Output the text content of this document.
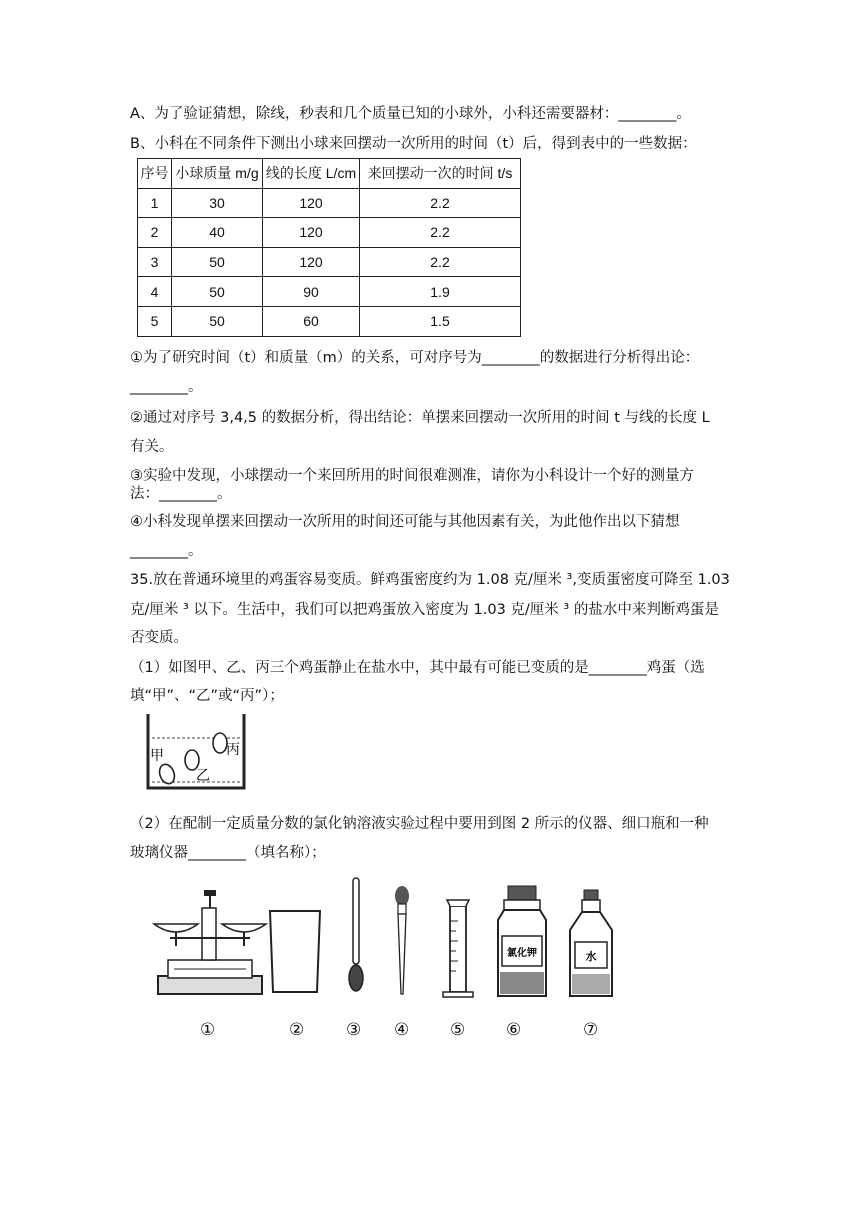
A、为了验证猜想，除线，秒表和几个质量已知的小球外，小科还需要器材：________。
B、小科在不同条件下测出小球来回摆动一次所用的时间（t）后，得到表中的一些数据：
序号	小球质量 m/g	线的长度 L/cm	来回摆动一次的时间 t/s
1	30	120	2.2
2	40	120	2.2
3	50	120	2.2
4	50	90	1.9
5	50	60	1.5
①为了研究时间（t）和质量（m）的关系，可对序号为________的数据进行分析得出论：
________。
②通过对序号 3,4,5 的数据分析，得出结论：单摆来回摆动一次所用的时间 t 与线的长度 L
有关。
③实验中发现，小球摆动一个来回所用的时间很难测准，请你为小科设计一个好的测量方
法：________。
④小科发现单摆来回摆动一次所用的时间还可能与其他因素有关，为此他作出以下猜想
________。
35.放在普通环境里的鸡蛋容易变质。鲜鸡蛋密度约为 1.08 克/厘米 ³,变质蛋密度可降至 1.03
克/厘米 ³ 以下。生活中，我们可以把鸡蛋放入密度为 1.03 克/厘米 ³ 的盐水中来判断鸡蛋是
否变质。
（1）如图甲、乙、丙三个鸡蛋静止在盐水中，其中最有可能已变质的是________鸡蛋（选
填“甲”、“乙”或“丙”）；
甲
乙
丙
（2）在配制一定质量分数的氯化钠溶液实验过程中要用到图 2 所示的仪器、细口瓶和一种
玻璃仪器________（填名称）；
氯化钾	水
①	② ③ ④ ⑤ ⑥	⑦
